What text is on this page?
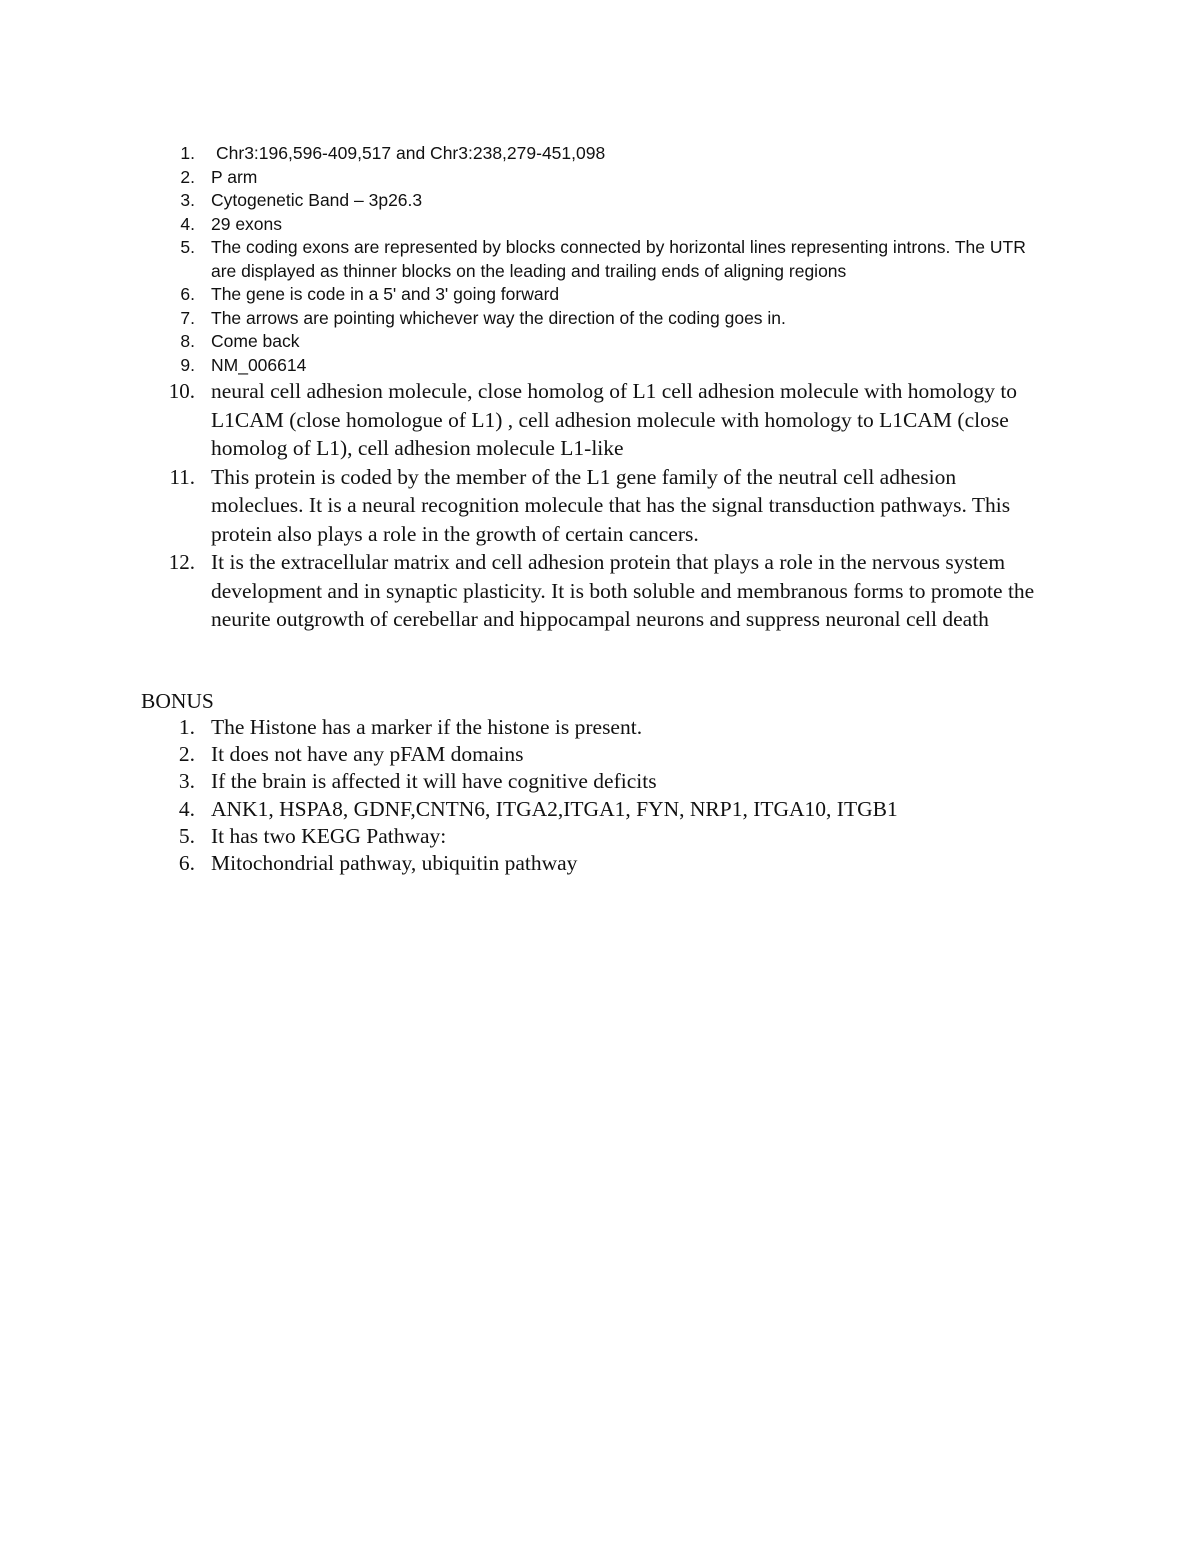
1.	Chr3:196,596-409,517 and Chr3:238,279-451,098
2. P arm
3. Cytogenetic Band – 3p26.3
4. 29 exons
5. The coding exons are represented by blocks connected by horizontal lines representing introns. The UTR are displayed as thinner blocks on the leading and trailing ends of aligning regions
6. The gene is code in a 5' and 3' going forward
7. The arrows are pointing whichever way the direction of the coding goes in.
8. Come back
9. NM_006614
10. neural cell adhesion molecule, close homolog of L1 cell adhesion molecule with homology to L1CAM (close homologue of L1) , cell adhesion molecule with homology to L1CAM (close homolog of L1), cell adhesion molecule L1-like
11. This protein is coded by the member of the L1 gene family of the neutral cell adhesion moleclues. It is a neural recognition molecule that has the signal transduction pathways. This protein also plays a role in the growth of certain cancers.
12. It is the extracellular matrix and cell adhesion protein that plays a role in the nervous system development and in synaptic plasticity. It is both soluble and membranous forms to promote the neurite outgrowth of cerebellar and hippocampal neurons and suppress neuronal cell death
BONUS
1. The Histone has a marker if the histone is present.
2. It does not have any pFAM domains
3. If the brain is affected it will have cognitive deficits
4. ANK1, HSPA8, GDNF,CNTN6, ITGA2,ITGA1, FYN, NRP1, ITGA10, ITGB1
5. It has two KEGG Pathway:
6. Mitochondrial pathway, ubiquitin pathway
